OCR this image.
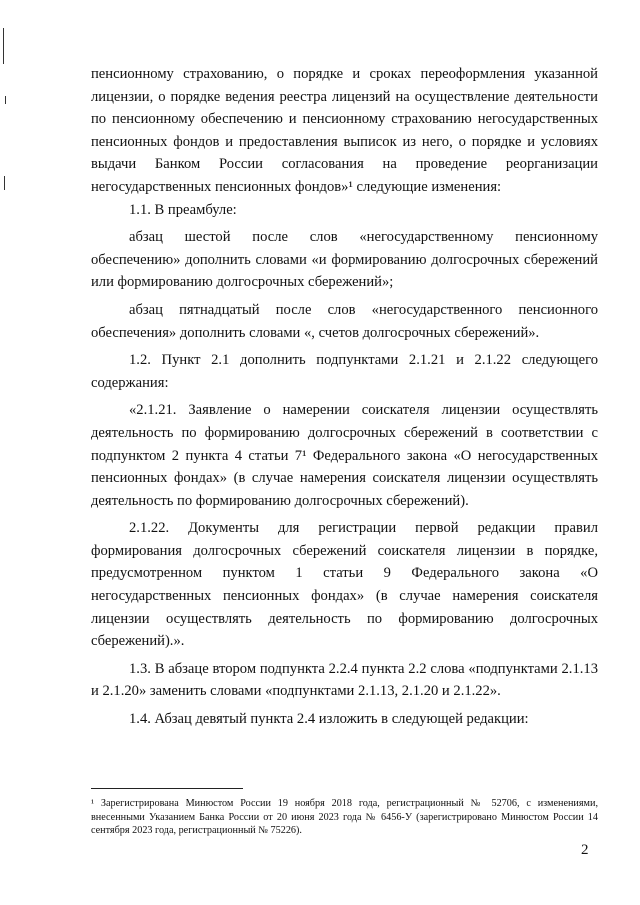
пенсионному страхованию, о порядке и сроках переоформления указанной лицензии, о порядке ведения реестра лицензий на осуществление деятельности по пенсионному обеспечению и пенсионному страхованию негосударственных пенсионных фондов и предоставления выписок из него, о порядке и условиях выдачи Банком России согласования на проведение реорганизации негосударственных пенсионных фондов»¹ следующие изменения:

1.1. В преамбуле:

абзац шестой после слов «негосударственному пенсионному обеспечению» дополнить словами «и формированию долгосрочных сбережений или формированию долгосрочных сбережений»;

абзац пятнадцатый после слов «негосударственного пенсионного обеспечения» дополнить словами «, счетов долгосрочных сбережений».

1.2. Пункт 2.1 дополнить подпунктами 2.1.21 и 2.1.22 следующего содержания:

«2.1.21. Заявление о намерении соискателя лицензии осуществлять деятельность по формированию долгосрочных сбережений в соответствии с подпунктом 2 пункта 4 статьи 7¹ Федерального закона «О негосударственных пенсионных фондах» (в случае намерения соискателя лицензии осуществлять деятельность по формированию долгосрочных сбережений).

2.1.22. Документы для регистрации первой редакции правил формирования долгосрочных сбережений соискателя лицензии в порядке, предусмотренном пунктом 1 статьи 9 Федерального закона «О негосударственных пенсионных фондах» (в случае намерения соискателя лицензии осуществлять деятельность по формированию долгосрочных сбережений).».

1.3. В абзаце втором подпункта 2.2.4 пункта 2.2 слова «подпунктами 2.1.13 и 2.1.20» заменить словами «подпунктами 2.1.13, 2.1.20 и 2.1.22».

1.4. Абзац девятый пункта 2.4 изложить в следующей редакции:

¹ Зарегистрирована Минюстом России 19 ноября 2018 года, регистрационный № 52706, с изменениями, внесенными Указанием Банка России от 20 июня 2023 года № 6456-У (зарегистрировано Минюстом России 14 сентября 2023 года, регистрационный № 75226).
2
